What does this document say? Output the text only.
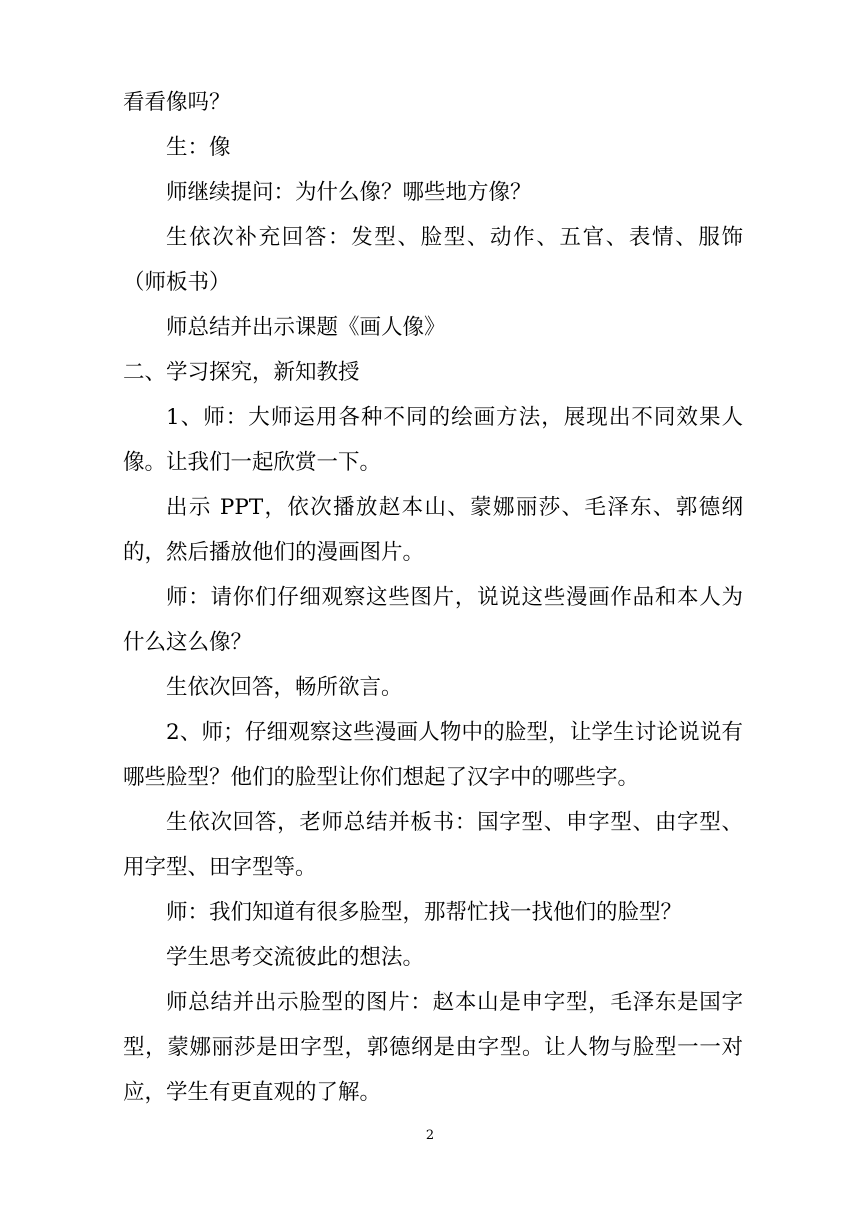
看看像吗？

生：像

师继续提问：为什么像？哪些地方像？

生依次补充回答：发型、脸型、动作、五官、表情、服饰（师板书）

师总结并出示课题《画人像》

二、学习探究，新知教授

1、师：大师运用各种不同的绘画方法，展现出不同效果人像。让我们一起欣赏一下。

出示 PPT，依次播放赵本山、蒙娜丽莎、毛泽东、郭德纲的，然后播放他们的漫画图片。

师：请你们仔细观察这些图片，说说这些漫画作品和本人为什么这么像？

生依次回答，畅所欲言。

2、师；仔细观察这些漫画人物中的脸型，让学生讨论说说有哪些脸型？他们的脸型让你们想起了汉字中的哪些字。

生依次回答，老师总结并板书：国字型、申字型、由字型、用字型、田字型等。

师：我们知道有很多脸型，那帮忙找一找他们的脸型？

学生思考交流彼此的想法。

师总结并出示脸型的图片：赵本山是申字型，毛泽东是国字型，蒙娜丽莎是田字型，郭德纲是由字型。让人物与脸型一一对应，学生有更直观的了解。

2
